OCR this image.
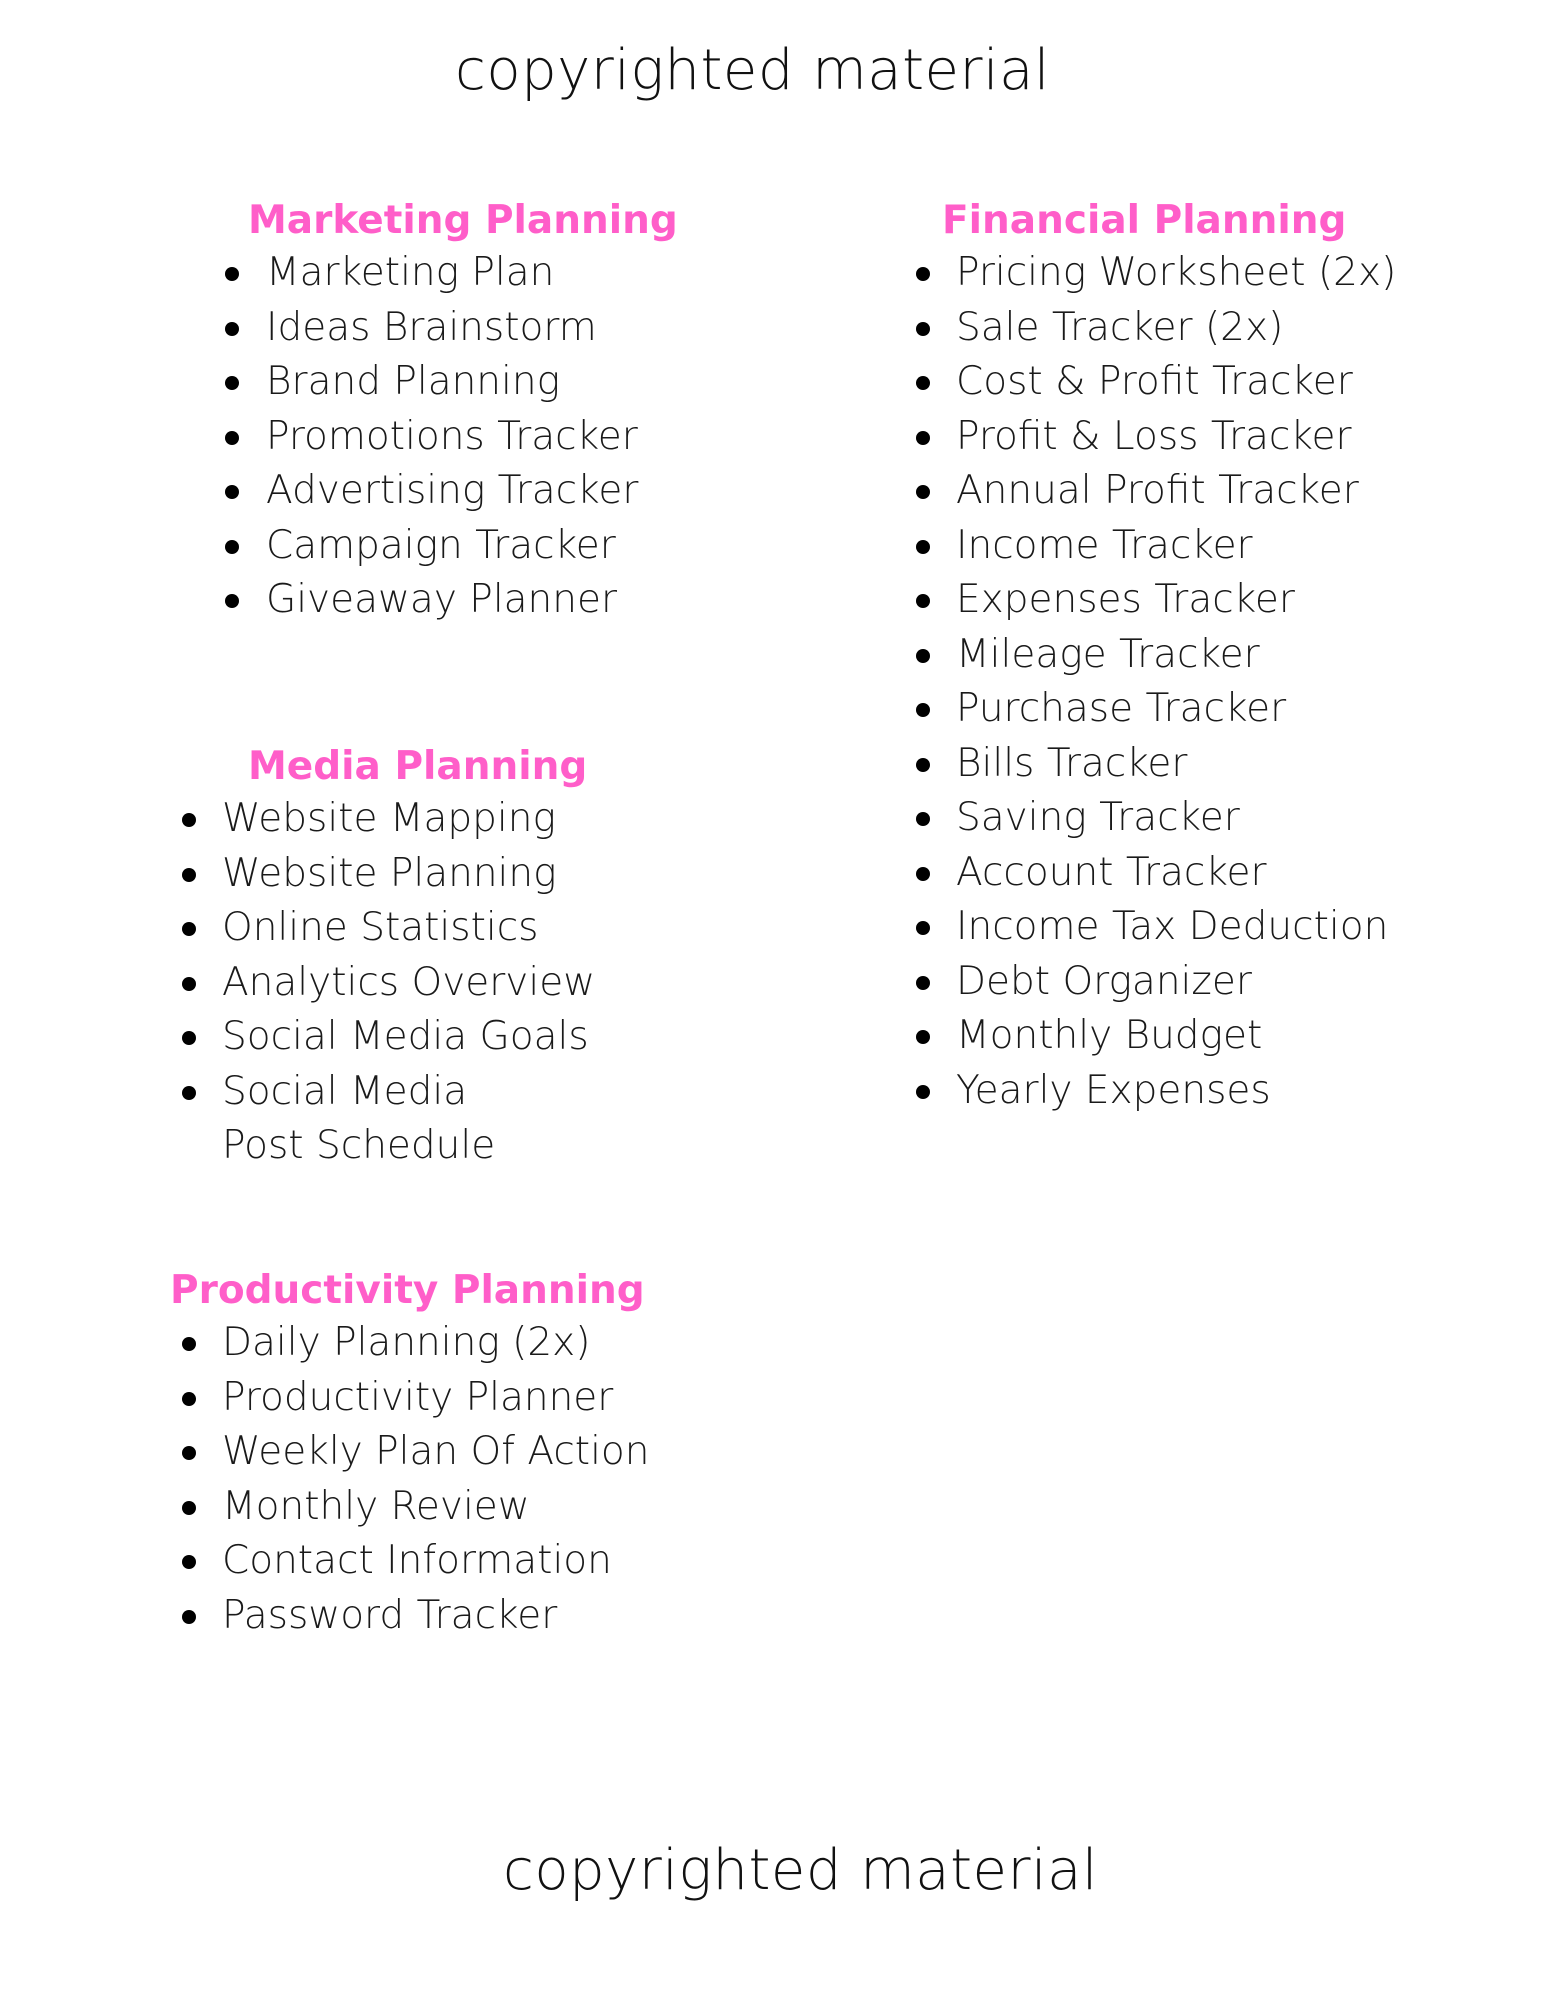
copyrighted material
Marketing Planning
Marketing Plan
Ideas Brainstorm
Brand Planning
Promotions Tracker
Advertising Tracker
Campaign Tracker
Giveaway Planner
Media Planning
Website Mapping
Website Planning
Online Statistics
Analytics Overview
Social Media Goals
Social Media Post Schedule
Productivity Planning
Daily Planning (2x)
Productivity Planner
Weekly Plan Of Action
Monthly Review
Contact Information
Password Tracker
Financial Planning
Pricing Worksheet (2x)
Sale Tracker (2x)
Cost & Profit Tracker
Profit & Loss Tracker
Annual Profit Tracker
Income Tracker
Expenses Tracker
Mileage Tracker
Purchase Tracker
Bills Tracker
Saving Tracker
Account Tracker
Income Tax Deduction
Debt Organizer
Monthly Budget
Yearly Expenses
copyrighted material
